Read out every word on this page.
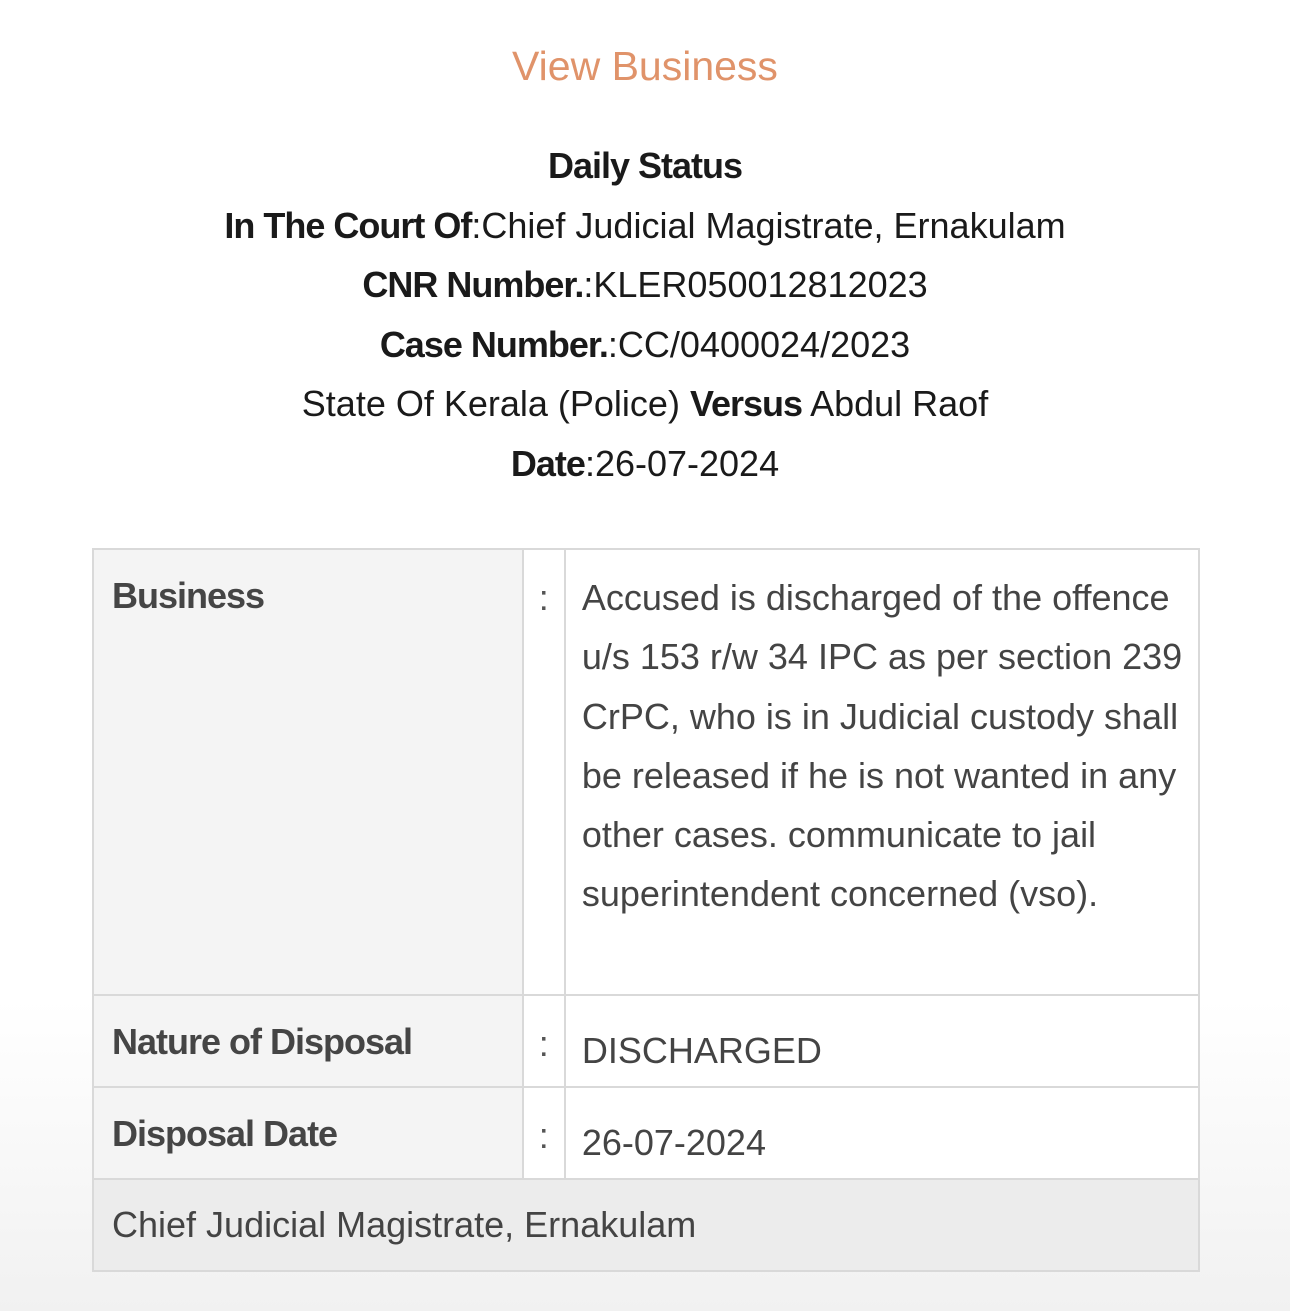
View Business
Daily Status
In The Court Of:Chief Judicial Magistrate, Ernakulam
CNR Number.:KLER050012812023
Case Number.:CC/0400024/2023
State Of Kerala (Police) Versus Abdul Raof
Date:26-07-2024
Business	:	Accused is discharged of the offence u/s 153 r/w 34 IPC as per section 239 CrPC, who is in Judicial custody shall be released if he is not wanted in any other cases. communicate to jail superintendent concerned (vso).
Nature of Disposal	:	DISCHARGED
Disposal Date	:	26-07-2024
Chief Judicial Magistrate, Ernakulam		
